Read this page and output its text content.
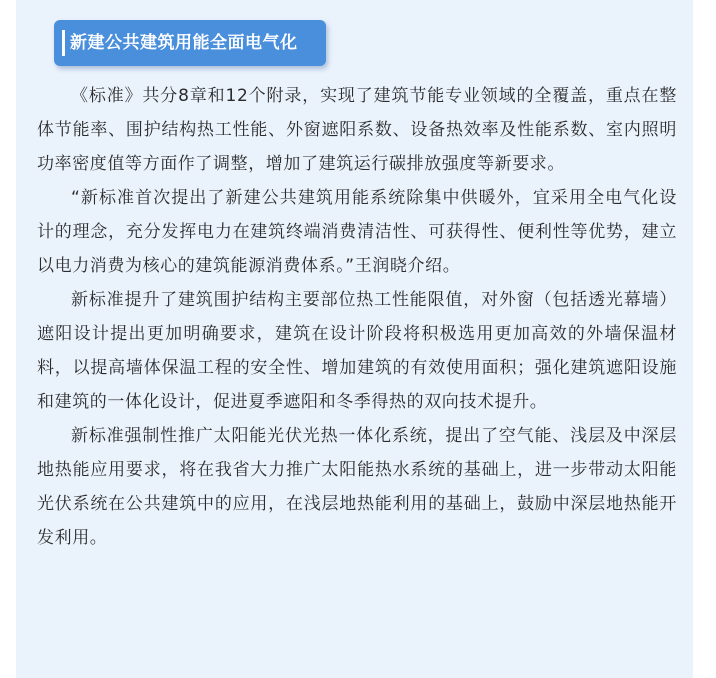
新建公共建筑用能全面电气化

《标准》共分8章和12个附录，实现了建筑节能专业领域的全覆盖，重点在整体节能率、围护结构热工性能、外窗遮阳系数、设备热效率及性能系数、室内照明功率密度值等方面作了调整，增加了建筑运行碳排放强度等新要求。

“新标准首次提出了新建公共建筑用能系统除集中供暖外，宜采用全电气化设计的理念，充分发挥电力在建筑终端消费清洁性、可获得性、便利性等优势，建立以电力消费为核心的建筑能源消费体系。”王润晓介绍。

新标准提升了建筑围护结构主要部位热工性能限值，对外窗（包括透光幕墙）遮阳设计提出更加明确要求，建筑在设计阶段将积极选用更加高效的外墙保温材料，以提高墙体保温工程的安全性、增加建筑的有效使用面积；强化建筑遮阳设施和建筑的一体化设计，促进夏季遮阳和冬季得热的双向技术提升。

新标准强制性推广太阳能光伏光热一体化系统，提出了空气能、浅层及中深层地热能应用要求，将在我省大力推广太阳能热水系统的基础上，进一步带动太阳能光伏系统在公共建筑中的应用，在浅层地热能利用的基础上，鼓励中深层地热能开发利用。
